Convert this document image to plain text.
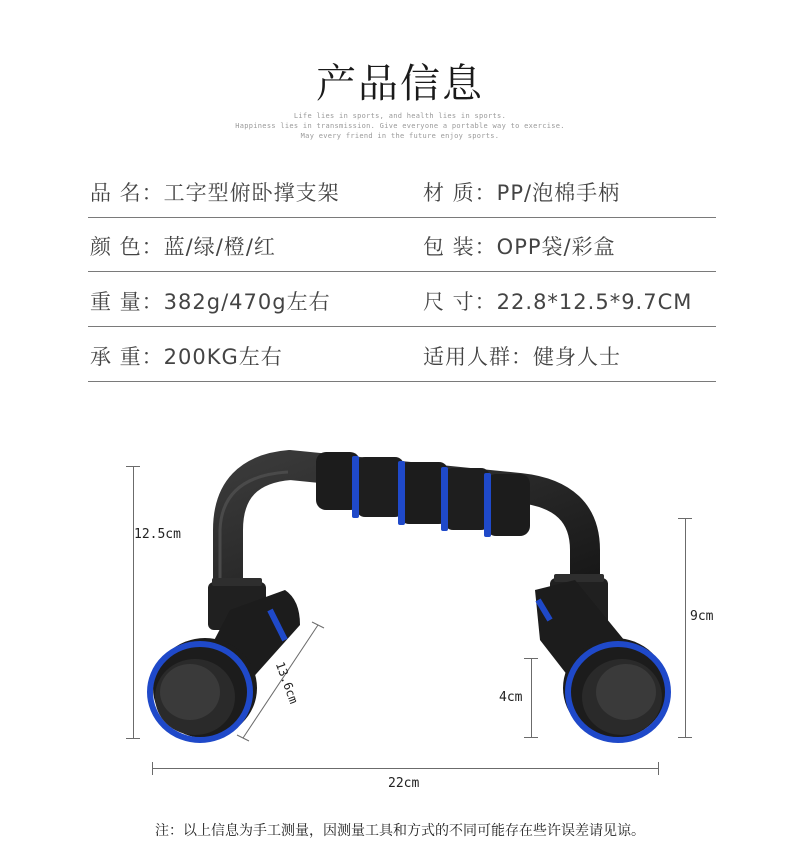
产品信息
Life lies in sports, and health lies in sports.
Happiness lies in transmission. Give everyone a portable way to exercise.
May every friend in the future enjoy sports.
品 名：工字型俯卧撑支架	材 质：PP/泡棉手柄
颜 色：蓝/绿/橙/红	包 装：OPP袋/彩盒
重 量：382g/470g左右	尺 寸：22.8*12.5*9.7CM
承 重：200KG左右	适用人群：健身人士
12.5cm
9cm
4cm
22cm
13.6cm
注：以上信息为手工测量，因测量工具和方式的不同可能存在些许误差请见谅。
